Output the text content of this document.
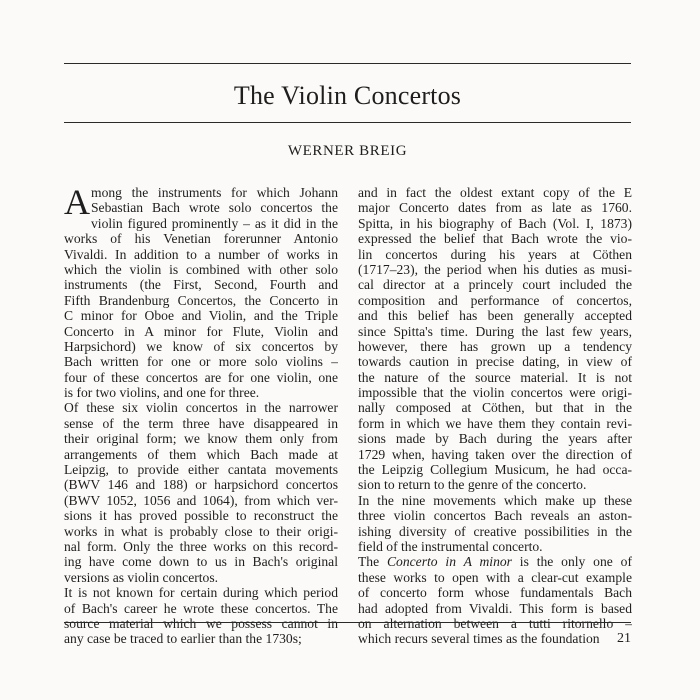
The Violin Concertos
WERNER BREIG
A mong the instruments for which Johann
Sebastian Bach wrote solo concertos the
violin figured prominently – as it did in the
works of his Venetian forerunner Antonio
Vivaldi. In addition to a number of works in
which the violin is combined with other solo
instruments (the First, Second, Fourth and
Fifth Brandenburg Concertos, the Concerto in
C minor for Oboe and Violin, and the Triple
Concerto in A minor for Flute, Violin and
Harpsichord) we know of six concertos by
Bach written for one or more solo violins –
four of these concertos are for one violin, one
is for two violins, and one for three.
Of these six violin concertos in the narrower
sense of the term three have disappeared in
their original form; we know them only from
arrangements of them which Bach made at
Leipzig, to provide either cantata movements
(BWV 146 and 188) or harpsichord concertos
(BWV 1052, 1056 and 1064), from which ver-
sions it has proved possible to reconstruct the
works in what is probably close to their origi-
nal form. Only the three works on this record-
ing have come down to us in Bach's original
versions as violin concertos.
It is not known for certain during which period
of Bach's career he wrote these concertos. The
source material which we possess cannot in
any case be traced to earlier than the 1730s;
and in fact the oldest extant copy of the E
major Concerto dates from as late as 1760.
Spitta, in his biography of Bach (Vol. I, 1873)
expressed the belief that Bach wrote the vio-
lin concertos during his years at Cöthen
(1717–23), the period when his duties as musi-
cal director at a princely court included the
composition and performance of concertos,
and this belief has been generally accepted
since Spitta's time. During the last few years,
however, there has grown up a tendency
towards caution in precise dating, in view of
the nature of the source material. It is not
impossible that the violin concertos were origi-
nally composed at Cöthen, but that in the
form in which we have them they contain revi-
sions made by Bach during the years after
1729 when, having taken over the direction of
the Leipzig Collegium Musicum, he had occa-
sion to return to the genre of the concerto.
In the nine movements which make up these
three violin concertos Bach reveals an aston-
ishing diversity of creative possibilities in the
field of the instrumental concerto.
The Concerto in A minor is the only one of
these works to open with a clear-cut example
of concerto form whose fundamentals Bach
had adopted from Vivaldi. This form is based
on alternation between a tutti ritornello –
which recurs several times as the foundation	21
